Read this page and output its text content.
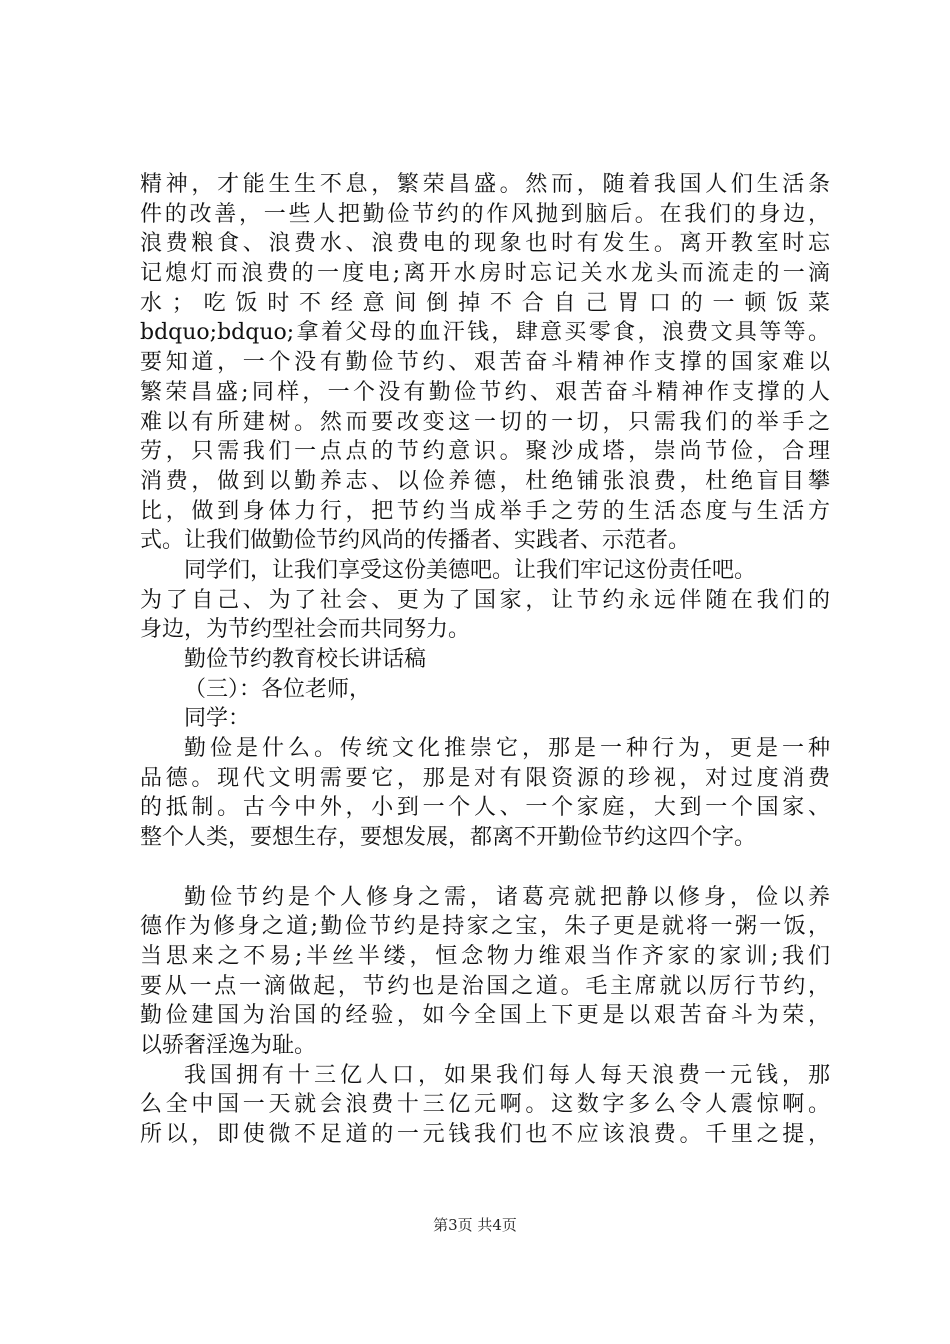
精神，才能生生不息，繁荣昌盛。然而，随着我国人们生活条
件的改善，一些人把勤俭节约的作风抛到脑后。在我们的身边，
浪费粮食、浪费水、浪费电的现象也时有发生。离开教室时忘
记熄灯而浪费的一度电;离开水房时忘记关水龙头而流走的一滴
水；吃饭时不经意间倒掉不合自己胃口的一顿饭菜
bdquo;bdquo;拿着父母的血汗钱，肆意买零食，浪费文具等等。
要知道，一个没有勤俭节约、艰苦奋斗精神作支撑的国家难以
繁荣昌盛;同样，一个没有勤俭节约、艰苦奋斗精神作支撑的人
难以有所建树。然而要改变这一切的一切，只需我们的举手之
劳，只需我们一点点的节约意识。聚沙成塔，崇尚节俭，合理
消费，做到以勤养志、以俭养德，杜绝铺张浪费，杜绝盲目攀
比，做到身体力行，把节约当成举手之劳的生活态度与生活方
式。让我们做勤俭节约风尚的传播者、实践者、示范者。
同学们，让我们享受这份美德吧。让我们牢记这份责任吧。
为了自己、为了社会、更为了国家，让节约永远伴随在我们的
身边，为节约型社会而共同努力。
勤俭节约教育校长讲话稿
（三）：各位老师，
同学：
勤俭是什么。传统文化推崇它，那是一种行为，更是一种
品德。现代文明需要它，那是对有限资源的珍视，对过度消费
的抵制。古今中外，小到一个人、一个家庭，大到一个国家、
整个人类，要想生存，要想发展，都离不开勤俭节约这四个字。
勤俭节约是个人修身之需，诸葛亮就把静以修身，俭以养
德作为修身之道;勤俭节约是持家之宝，朱子更是就将一粥一饭，
当思来之不易;半丝半缕，恒念物力维艰当作齐家的家训;我们
要从一点一滴做起，节约也是治国之道。毛主席就以厉行节约，
勤俭建国为治国的经验，如今全国上下更是以艰苦奋斗为荣，
以骄奢淫逸为耻。
我国拥有十三亿人口，如果我们每人每天浪费一元钱，那
么全中国一天就会浪费十三亿元啊。这数字多么令人震惊啊。
所以，即使微不足道的一元钱我们也不应该浪费。千里之提，
第3页 共4页
